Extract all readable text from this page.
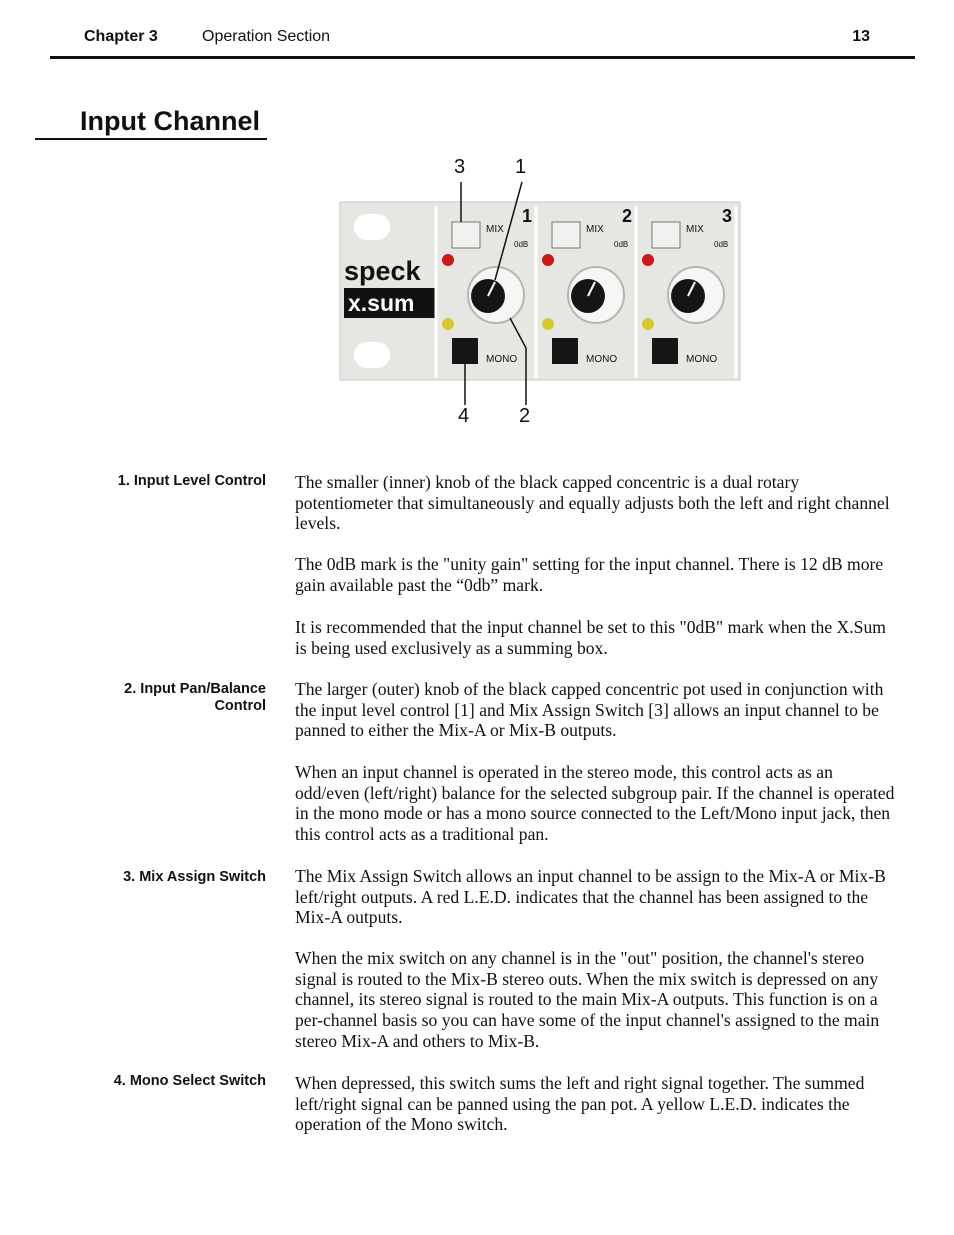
Chapter 3	Operation Section	13
Input Channel
3 1
4 2
speck
x.sum
1
MIX
0dB
MONO
2
MIX
0dB
MONO
3
MIX
0dB
MONO
1. Input Level Control
2. Input Pan/Balance
Control
3. Mix Assign Switch
4. Mono Select Switch
The smaller (inner) knob of the black capped concentric is a dual rotary potentiometer that simultaneously and equally adjusts both the left and right channel levels.
The 0dB mark is the "unity gain" setting for the input channel. There is 12 dB more gain available past the “0db” mark.
It is recommended that the input channel be set to this "0dB" mark when the X.Sum is being used exclusively as a summing box.
The larger (outer) knob of the black capped concentric pot used in conjunction with the input level control [1] and Mix Assign Switch [3] allows an input channel to be panned to either the Mix-A or Mix-B outputs.
When an input channel is operated in the stereo mode, this control acts as an odd/even (left/right) balance for the selected subgroup pair. If the channel is operated in the mono mode or has a mono source connected to the Left/Mono input jack, then this control acts as a traditional pan.
The Mix Assign Switch allows an input channel to be assign to the Mix-A or Mix-B left/right outputs. A red L.E.D. indicates that the channel has been assigned to the Mix-A outputs.
When the mix switch on any channel is in the "out" position, the channel's stereo signal is routed to the Mix-B stereo outs. When the mix switch is depressed on any channel, its stereo signal is routed to the main Mix-A outputs. This function is on a per-channel basis so you can have some of the input channel's assigned to the main stereo Mix-A and others to Mix-B.
When depressed, this switch sums the left and right signal together. The summed left/right signal can be panned using the pan pot. A yellow L.E.D. indicates the operation of the Mono switch.
